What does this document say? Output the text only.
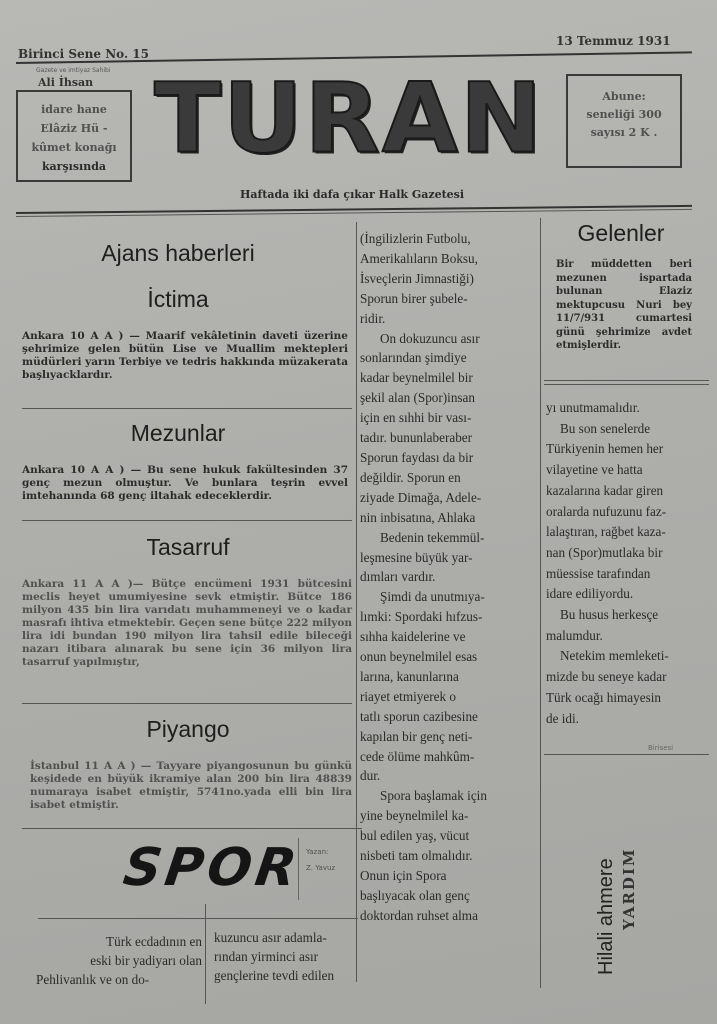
Birinci Sene No. 15
13 Temmuz 1931
Gazete ve imtiyaz Sahibi
Ali İhsan
idare hane
Elâziz Hü -
kûmet konağı
karşısında TURAN	Abune:
seneliği 300
sayısı 2 K .
Haftada iki dafa çıkar Halk Gazetesi
Ajans haberleri
İctima
Ankara 10 A A ) — Maarif vekâletinin daveti üzerine şehrimize gelen bütün Lise ve Muallim mektepleri müdürleri yarın Terbiye ve tedris hakkında müzakerata başlıyacklardır.
Mezunlar
Ankara 10 A A ) — Bu sene hukuk fakültesinden 37 genç mezun olmuştur. Ve bunlara teşrin evvel imtehanında 68 genç iltahak edeceklerdir.
Tasarruf
Ankara 11 A A )— Bütçe encümeni 1931 bütcesini meclis heyet umumiyesine sevk etmiştir. Bütce 186 milyon 435 bin lira varıdatı muhammeneyi ve o kadar masrafı ihtiva etmektebir. Geçen sene bütçe 222 milyon lira idi bundan 190 milyon lira tahsil edile bileceği nazarı itibara alınarak bu sene için 36 milyon lira tasarruf yapılmıştır,
Piyango
İstanbul 11 A A ) — Tayyare piyangosunun bu günkü keşidede en büyük ikramiye alan 200 bin lira 48839 numaraya isabet etmiştir, 5741no.yada elli bin lira isabet etmiştir.
SPOR Yazan:
Z. Yavuz
Türk ecdadının en
eski bir yadiyarı olan
Pehlivanlık ve on do-
kuzuncu asır adamla-
rından yirminci asır
gençlerine tevdi edilen
(İngilizlerin Futbolu,
Amerikalıların Boksu,
İsveçlerin Jimnastiği)
Sporun birer şubele-
ridir.
On dokuzuncu asır
sonlarından şimdiye
kadar beynelmilel bir
şekil alan (Spor)insan
için en sıhhi bir vası-
tadır. bununlaberaber
Sporun faydası da bir
değildir. Sporun en
ziyade Dimağa, Adele-
nin inbisatına, Ahlaka
Bedenin tekemmül-
leşmesine büyük yar-
dımları vardır.
Şimdi da unutmıya-
lımki: Spordaki hıfzus-
sıhha kaidelerine ve
onun beynelmilel esas
larına, kanunlarına
riayet etmiyerek o
tatlı sporun cazibesine
kapılan bir genç neti-
cede ölüme mahkûm-
dur.
Spora başlamak için
yine beynelmilel ka-
bul edilen yaş, vücut
nisbeti tam olmalıdır.
Onun için Spora
başlıyacak olan genç
doktordan ruhset alma
Gelenler
Bir müddetten beri mezunen ispartada bulunan Elaziz mektupcusu Nuri bey 11/7/931 cumartesi günü şehrimize avdet etmişlerdir.
yı unutmamalıdır.
Bu son senelerde
Türkiyenin hemen her
vilayetine ve hatta
kazalarına kadar giren
oralarda nufuzunu faz-
lalaştıran, rağbet kaza-
nan (Spor)mutlaka bir
müessise tarafından
idare ediliyordu.
Bu husus herkesçe
malumdur.
Netekim memleketi-
mizde bu seneye kadar
Türk ocağı himayesin
de idi.
Birisesi
Hilali ahmere YARDIM
